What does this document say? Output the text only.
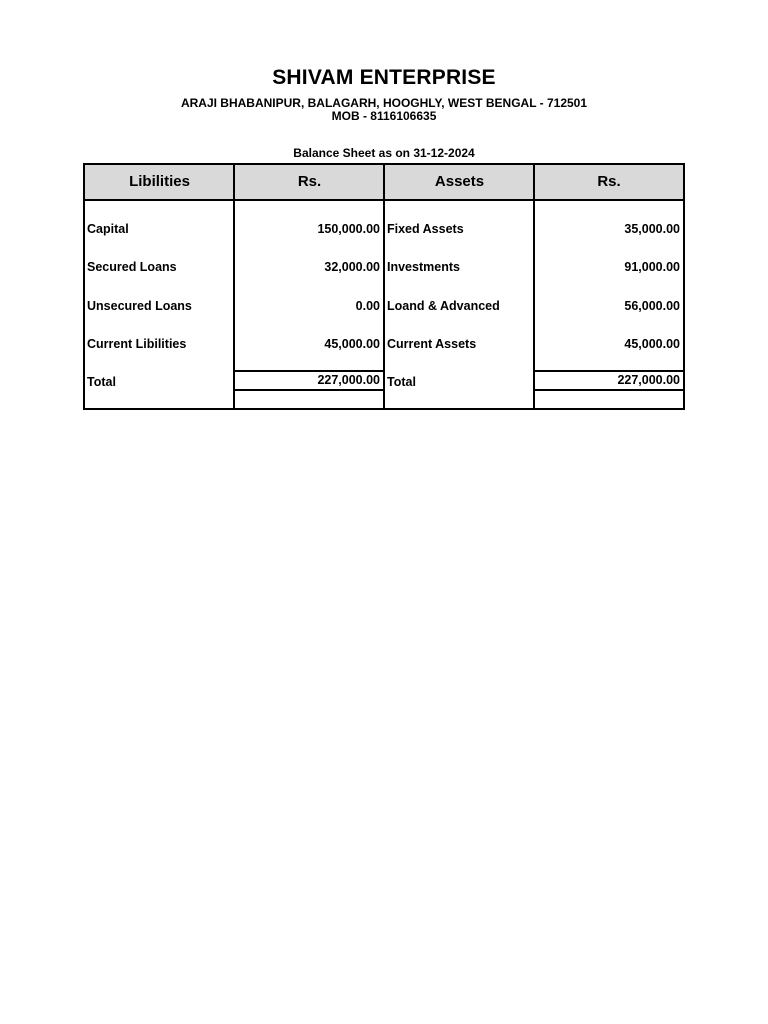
SHIVAM ENTERPRISE
ARAJI BHABANIPUR, BALAGARH, HOOGHLY, WEST BENGAL - 712501
MOB - 8116106635
Balance Sheet as on 31-12-2024
Libilities	Rs.	Assets	Rs.
Capital	150,000.00 Fixed Assets	35,000.00
Secured Loans	32,000.00 Investments	91,000.00
Unsecured Loans	0.00 Loand & Advanced	56,000.00
Current Libilities	45,000.00 Current Assets	45,000.00
Total	227,000.00 Total	227,000.00
